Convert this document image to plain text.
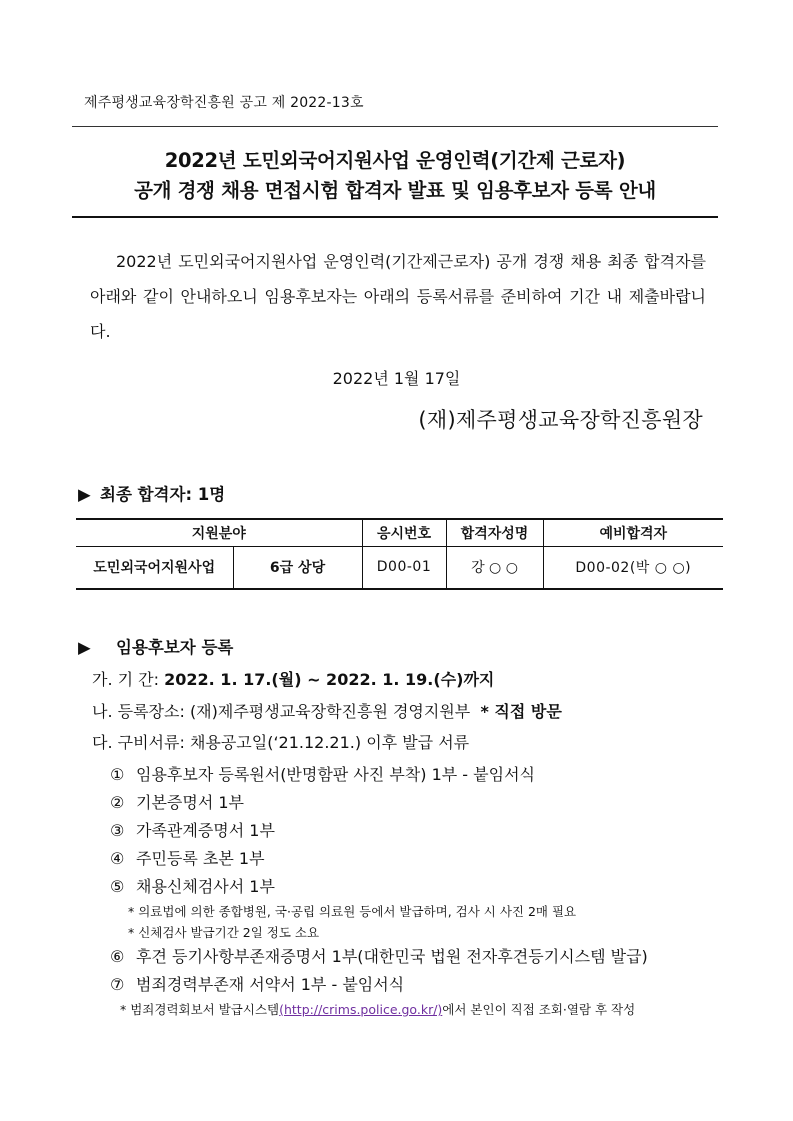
제주평생교육장학진흥원 공고 제 2022-13호
2022년 도민외국어지원사업 운영인력(기간제 근로자)
공개 경쟁 채용 면접시험 합격자 발표 및 임용후보자 등록 안내

2022년 도민외국어지원사업 운영인력(기간제근로자) 공개 경쟁 채용 최종 합격자를 아래와 같이 안내하오니 임용후보자는 아래의 등록서류를 준비하여 기간 내 제출바랍니다.

2022년 1월 17일
(재)제주평생교육장학진흥원장
▶ 최종 합격자: 1명
지원분야		응시번호	합격자성명	예비합격자
도민외국어지원사업	6급 상당	D00-01	강 ○ ○	D00-02(박 ○ ○)
▶ 임용후보자 등록
가. 기 간: 2022. 1. 17.(월) ~ 2022. 1. 19.(수)까지
나. 등록장소: (재)제주평생교육장학진흥원 경영지원부 * 직접 방문
다. 구비서류: 채용공고일(‘21.12.21.) 이후 발급 서류
① 임용후보자 등록원서(반명함판 사진 부착) 1부 - 붙임서식
② 기본증명서 1부
③ 가족관계증명서 1부
④ 주민등록 초본 1부
⑤ 채용신체검사서 1부
* 의료법에 의한 종합병원, 국·공립 의료원 등에서 발급하며, 검사 시 사진 2매 필요
* 신체검사 발급기간 2일 정도 소요
⑥ 후견 등기사항부존재증명서 1부(대한민국 법원 전자후견등기시스템 발급)
⑦ 범죄경력부존재 서약서 1부 - 붙임서식
* 범죄경력회보서 발급시스템(http://crims.police.go.kr/)에서 본인이 직접 조회·열람 후 작성
